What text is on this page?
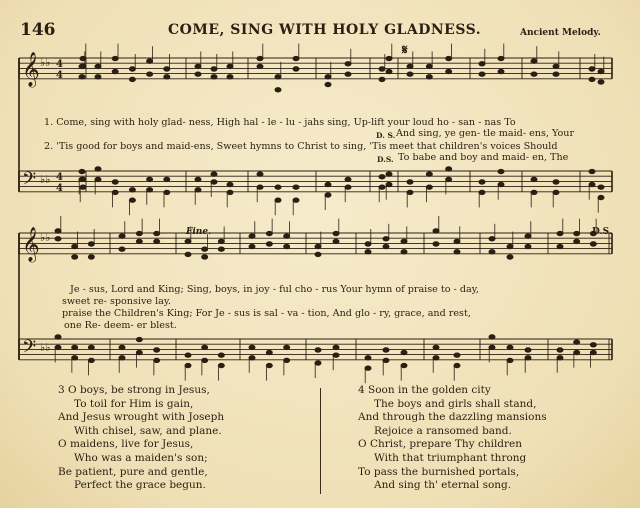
146	COME, SING WITH HOLY GLADNESS.	Ancient Melody.
𝄞 ♭♭ 4
4
𝄢 ♭♭ 4
4
𝄞 ♭♭
𝄢 ♭♭
𝄋
Fine.	D.S.
1. Come, sing with holy glad- ness, High hal - le - lu - jahs sing, Up-lift your loud ho - san - nas To
D. S. And sing, ye gen- tle maid- ens, Your
2. 'Tis good for boys and maid-ens, Sweet hymns to Christ to sing, 'Tis meet that children's voices Should
D.S. To babe and boy and maid- en, The
Je - sus, Lord and King; Sing, boys, in joy - ful cho - rus Your hymn of praise to - day,
sweet re- sponsive lay.
praise the Children's King; For Je - sus is sal - va - tion, And glo - ry, grace, and rest,
one Re- deem- er blest.
3 O boys, be strong in Jesus,
To toil for Him is gain,
And Jesus wrought with Joseph
With chisel, saw, and plane.
O maidens, live for Jesus,
Who was a maiden's son;
Be patient, pure and gentle,
Perfect the grace begun.
4 Soon in the golden city
The boys and girls shall stand,
And through the dazzling mansions
Rejoice a ransomed band.
O Christ, prepare Thy children
With that triumphant throng
To pass the burnished portals,
And sing th' eternal song.
